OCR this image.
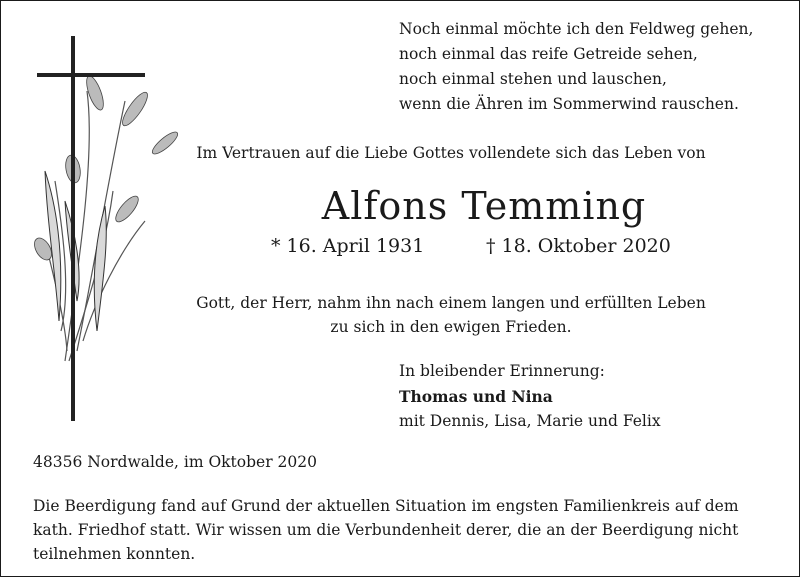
Noch einmal möchte ich den Feldweg gehen,
noch einmal das reife Getreide sehen,
noch einmal stehen und lauschen,
wenn die Ähren im Sommerwind rauschen.
Im Vertrauen auf die Liebe Gottes vollendete sich das Leben von
Alfons Temming
* 16. April 1931	† 18. Oktober 2020
Gott, der Herr, nahm ihn nach einem langen und erfüllten Leben
zu sich in den ewigen Frieden.
In bleibender Erinnerung:
Thomas und Nina
mit Dennis, Lisa, Marie und Felix
48356 Nordwalde, im Oktober 2020
Die Beerdigung fand auf Grund der aktuellen Situation im engsten Familienkreis auf dem
kath. Friedhof statt. Wir wissen um die Verbundenheit derer, die an der Beerdigung nicht
teilnehmen konnten.
